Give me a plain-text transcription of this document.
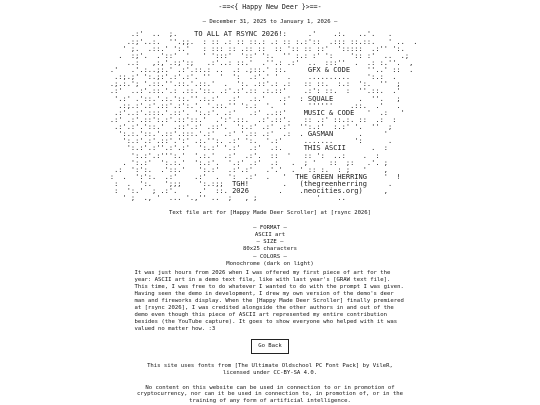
-==<{ Happy New Deer }>==-
— December 31, 2025 to January 1, 2026 —
.:'  ..  ;.    TO ALL AT RSYNC 2026!:     .'    .:.   ..'.   .
.:;'..:.  ''.;;.  : :: .: :: ::.: .: :: :.:'::  .::: ::.::.   ' ..  .
' ;.  .::.' ':.'   : ::: :: .:: ::  :: ':: :: ::'  ':::::  .:'' ':.
.  :;'.  .'::'  '   ' ':::'  '::' ':.  '' :.: :' ':    ':: :'  ..  .;
..:   ,:,'.:;':;   .:'..: ::.'  .''.: .:'  ..  :::''  .  .: :.''.  ,
.'   .'.:..;:.' .:'.::.: ..  .: .;::.' ::.     GFX & CODE    ''..' ::  .
.:;.;' ':.;:'.:'.:'. ''  '  ':  .:'.' '  .    ..........    ':.:  .
.;.:.'; '.::.''.::.'.::.'  .  ':. .::'.: .:   :: ::.  :.:  ':.  ''  ;
.:'  ..:'.::.'.: .::.'::. .:'.:'.:: .:.::'    .:': ::.  :  ''.::.  .'
'.:' .'::.'.:.'::.''.:.:'  .:'  .:.'   .:'  : SQUALE      .  ''.   ;
.:;.:'.:'.::'.:':.'. '.::.'' ':.:  '.  '     ''''''    .::.  .'   .
.:'..:'.:::.'.::'. ':.:'. .:'   .:' ..::'    MUSIC & CODE   '  .:   '
.:' .:'.::':.:'.::'::.'  .':'.::.  .:'.::'.   :: .:' ::.:. ::  .:  :
.:'.:'.'::.'  .::'.:' .::'.  ':.:' .:' .:'  '':.:'  :.:' '.  ''  ;
':.:.'::.'.::'.:::.'.:'  .:' '.:: .:'  .:  . GASMAN      .     '
':.:'.:'.::'.':' .:.'':. .:' ':.  '.:'     .......     ':      .
':.:'.:''.:'.:'  ':.:' '.:'  .:'  .:.     THIS ASCII      .  :
':.:'.:''':.'  '.:.'  .:'  .:'.  ::  '   :: ':  ..:    .  :
. ':.:'  ':.:.'  ':.:'.  '.:' .:'  .:   .  ; '   ::  ;:   .'. ;
.:  ':':.  .'::.'   ':.:'  .:'.:'   .'.'  . ' :: :.  : ;   '    ,
:  .  ':':.  .:'    .:'  .  ':  .:'  .   '  THE GREEN HERRING    '  !
:  .  ':.   ';;;    ':.:;;  TGH!        .   (thegreenherring     .
:  ':.'  ; .:'.     .'  ::. 2026       .    .neocities.org)     ,
' ;  ., '  ... '.,'' ..  ;   , ;              '    ..
Text file art for [Happy Made Deer Scroller] at [rsync 2026]
— FORMAT —
ASCII art
— SIZE —
80x25 characters
— COLORS —
Monochrome (dark on light)
It was just hours from 2026 when I was offered my first piece of art for the year: ASCII art in a demo text file, like with last year's [GRAW text file]. This time, I was free to do whatever I wanted to do with the prompt I was given. Having seen the demo in development, I drew my own version of the demo's deer man and fireworks display. When the [Happy Made Deer Scroller] finally premiered at [rsync 2026], I was credited alongside the other authors in and out of the demo even though this piece of ASCII art represented my entire contribution besides (the YouTube capture). It goes to show everyone who helped with it was valued no matter how. :3
Go Back
This site uses fonts from [The Ultimate Oldschool PC Font Pack] by VileR, licensed under CC-BY-SA 4.0.
No content on this website can be used in connection to or in promotion of cryptocurrency, nor can it be used in connection to, in promotion of, or in the training of any form of artificial intelligence.
